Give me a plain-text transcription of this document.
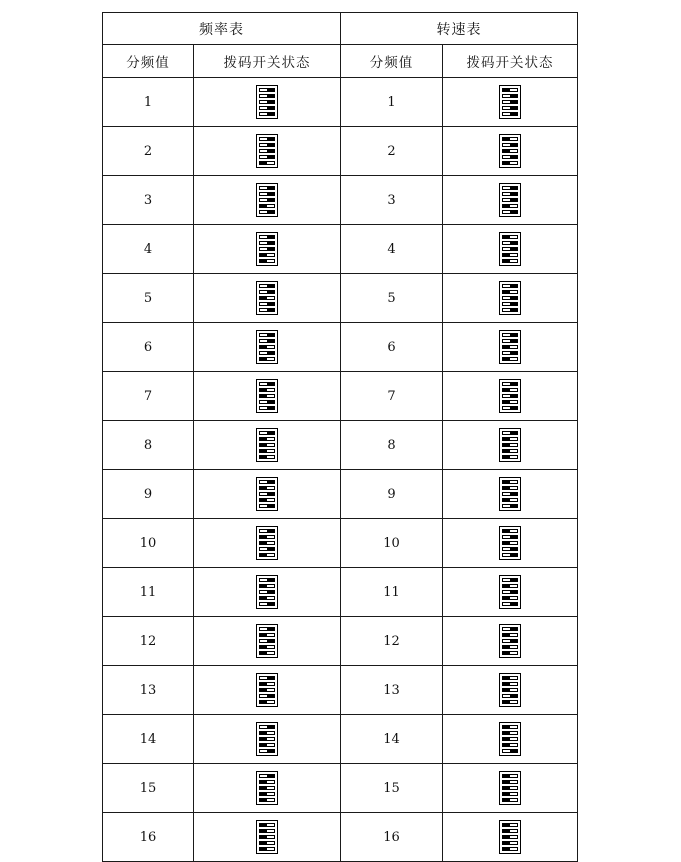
频率表		转速表	
分频值	拨码开关状态	分频值	拨码开关状态
1		1	

2		2	

3		3	

4		4	

5		5	

6		6	

7		7	

8		8	

9		9	

10		10	

11		11	

12		12	

13		13	

14		14	

15		15	

16		16	
